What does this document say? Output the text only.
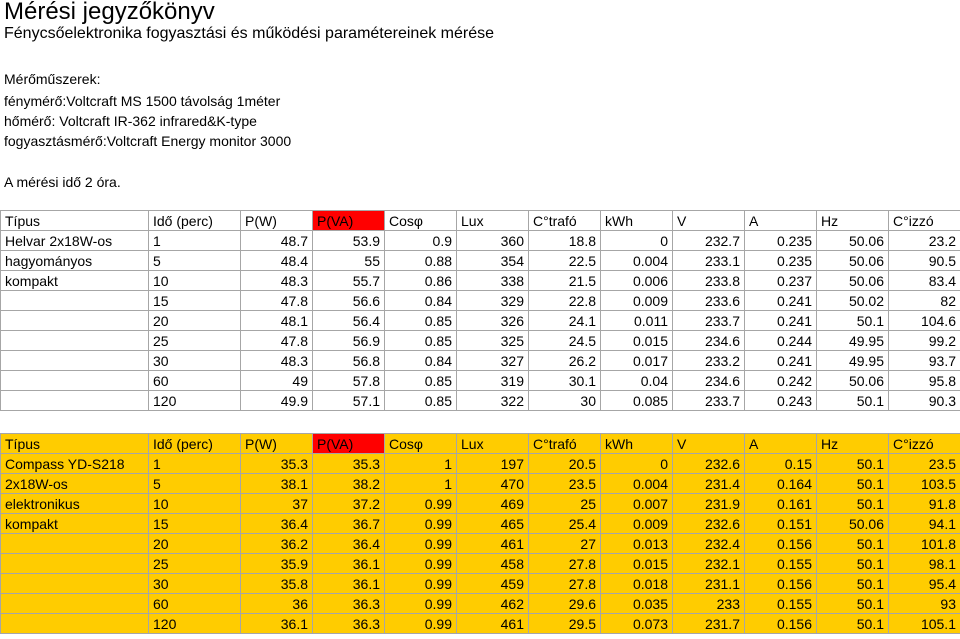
Mérési jegyzőkönyv
Fénycsőelektronika fogyasztási és működési paramétereinek mérése
Mérőműszerek:
fénymérő:Voltcraft MS 1500 távolság 1méter
hőmérő: Voltcraft IR-362 infrared&K-type
fogyasztásmérő:Voltcraft Energy monitor 3000
A mérési idő 2 óra.
Típus	Idő (perc)	P(W)	P(VA)	Cosφ	Lux	C°trafó	kWh	V	A	Hz	C°izzó
Helvar 2x18W-os	1	48.7	53.9	0.9	360	18.8	0	232.7	0.235	50.06	23.2
hagyományos	5	48.4	55	0.88	354	22.5	0.004	233.1	0.235	50.06	90.5
kompakt	10	48.3	55.7	0.86	338	21.5	0.006	233.8	0.237	50.06	83.4
	15	47.8	56.6	0.84	329	22.8	0.009	233.6	0.241	50.02	82
	20	48.1	56.4	0.85	326	24.1	0.011	233.7	0.241	50.1	104.6
	25	47.8	56.9	0.85	325	24.5	0.015	234.6	0.244	49.95	99.2
	30	48.3	56.8	0.84	327	26.2	0.017	233.2	0.241	49.95	93.7
	60	49	57.8	0.85	319	30.1	0.04	234.6	0.242	50.06	95.8
	120	49.9	57.1	0.85	322	30	0.085	233.7	0.243	50.1	90.3
Típus	Idő (perc)	P(W)	P(VA)	Cosφ	Lux	C°trafó	kWh	V	A	Hz	C°izzó
Compass YD-S218	1	35.3	35.3	1	197	20.5	0	232.6	0.15	50.1	23.5
2x18W-os	5	38.1	38.2	1	470	23.5	0.004	231.4	0.164	50.1	103.5
elektronikus	10	37	37.2	0.99	469	25	0.007	231.9	0.161	50.1	91.8
kompakt	15	36.4	36.7	0.99	465	25.4	0.009	232.6	0.151	50.06	94.1
	20	36.2	36.4	0.99	461	27	0.013	232.4	0.156	50.1	101.8
	25	35.9	36.1	0.99	458	27.8	0.015	232.1	0.155	50.1	98.1
	30	35.8	36.1	0.99	459	27.8	0.018	231.1	0.156	50.1	95.4
	60	36	36.3	0.99	462	29.6	0.035	233	0.155	50.1	93
	120	36.1	36.3	0.99	461	29.5	0.073	231.7	0.156	50.1	105.1
